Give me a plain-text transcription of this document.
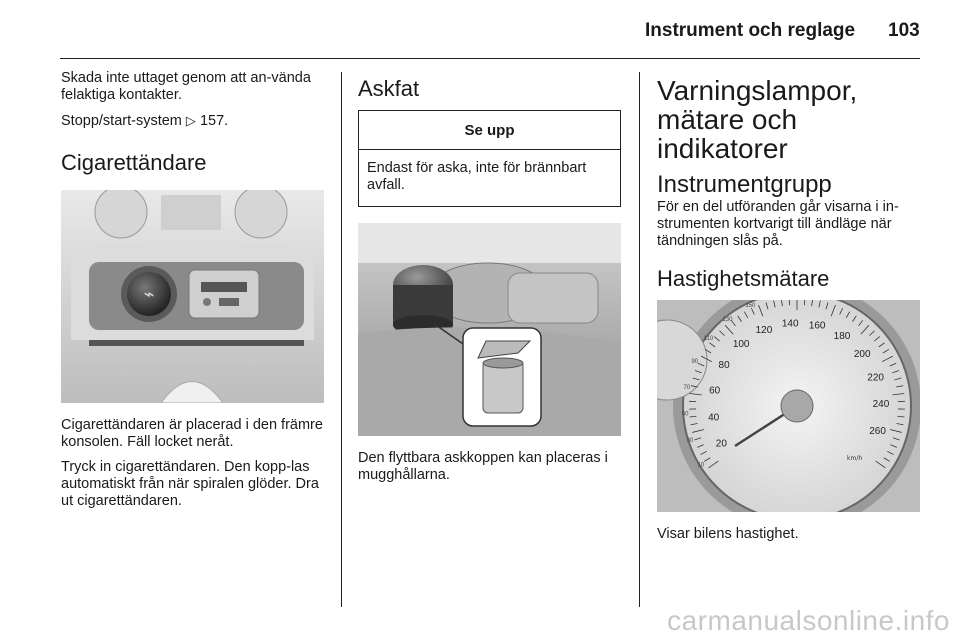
Instrument och reglage 103

Skada inte uttaget genom att an-vända felaktiga kontakter.

Stopp/start-system ▷ 157.

Cigarettändare
⌁

Cigarettändaren är placerad i den främre konsolen. Fäll locket neråt.

Tryck in cigarettändaren. Den kopp-las automatiskt från när spiralen glöder. Dra ut cigarettändaren.

Askfat
Se upp
Endast för aska, inte för brännbart avfall.

Den flyttbara askkoppen kan placeras i mugghållarna.

Varningslampor,
mätare och indikatorer
Instrumentgrupp

För en del utföranden går visarna i in-strumenten kortvarigt till ändläge när tändningen slås på.

Hastighetsmätare
20
40
60
80
100
120
140 160
180
200
220
240
260
10
30
50
70
90
110
130
150
km/h

Visar bilens hastighet.

carmanualsonline.info
